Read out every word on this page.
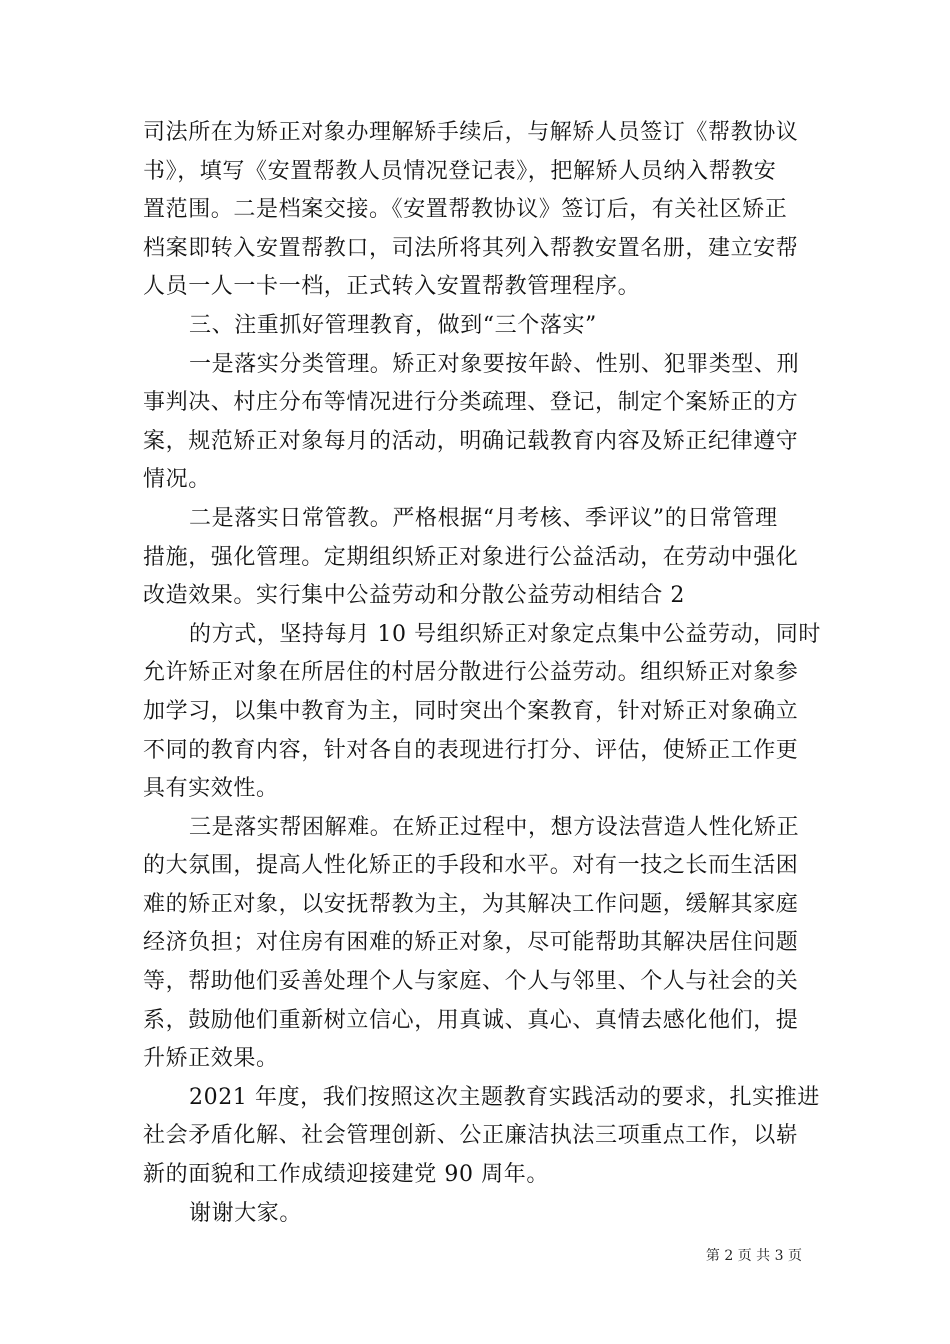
司法所在为矫正对象办理解矫手续后，与解矫人员签订《帮教协议
书》，填写《安置帮教人员情况登记表》，把解矫人员纳入帮教安
置范围。二是档案交接。《安置帮教协议》签订后，有关社区矫正
档案即转入安置帮教口，司法所将其列入帮教安置名册，建立安帮
人员一人一卡一档，正式转入安置帮教管理程序。
三、注重抓好管理教育，做到“三个落实”
一是落实分类管理。矫正对象要按年龄、性别、犯罪类型、刑
事判决、村庄分布等情况进行分类疏理、登记，制定个案矫正的方
案，规范矫正对象每月的活动，明确记载教育内容及矫正纪律遵守
情况。
二是落实日常管教。严格根据“月考核、季评议”的日常管理
措施，强化管理。定期组织矫正对象进行公益活动，在劳动中强化
改造效果。实行集中公益劳动和分散公益劳动相结合 2
的方式，坚持每月 10 号组织矫正对象定点集中公益劳动，同时
允许矫正对象在所居住的村居分散进行公益劳动。组织矫正对象参
加学习，以集中教育为主，同时突出个案教育，针对矫正对象确立
不同的教育内容，针对各自的表现进行打分、评估，使矫正工作更
具有实效性。
三是落实帮困解难。在矫正过程中，想方设法营造人性化矫正
的大氛围，提高人性化矫正的手段和水平。对有一技之长而生活困
难的矫正对象，以安抚帮教为主，为其解决工作问题，缓解其家庭
经济负担；对住房有困难的矫正对象，尽可能帮助其解决居住问题
等，帮助他们妥善处理个人与家庭、个人与邻里、个人与社会的关
系，鼓励他们重新树立信心，用真诚、真心、真情去感化他们，提
升矫正效果。
2021 年度，我们按照这次主题教育实践活动的要求，扎实推进
社会矛盾化解、社会管理创新、公正廉洁执法三项重点工作，以崭
新的面貌和工作成绩迎接建党 90 周年。
谢谢大家。
第 2 页 共 3 页
